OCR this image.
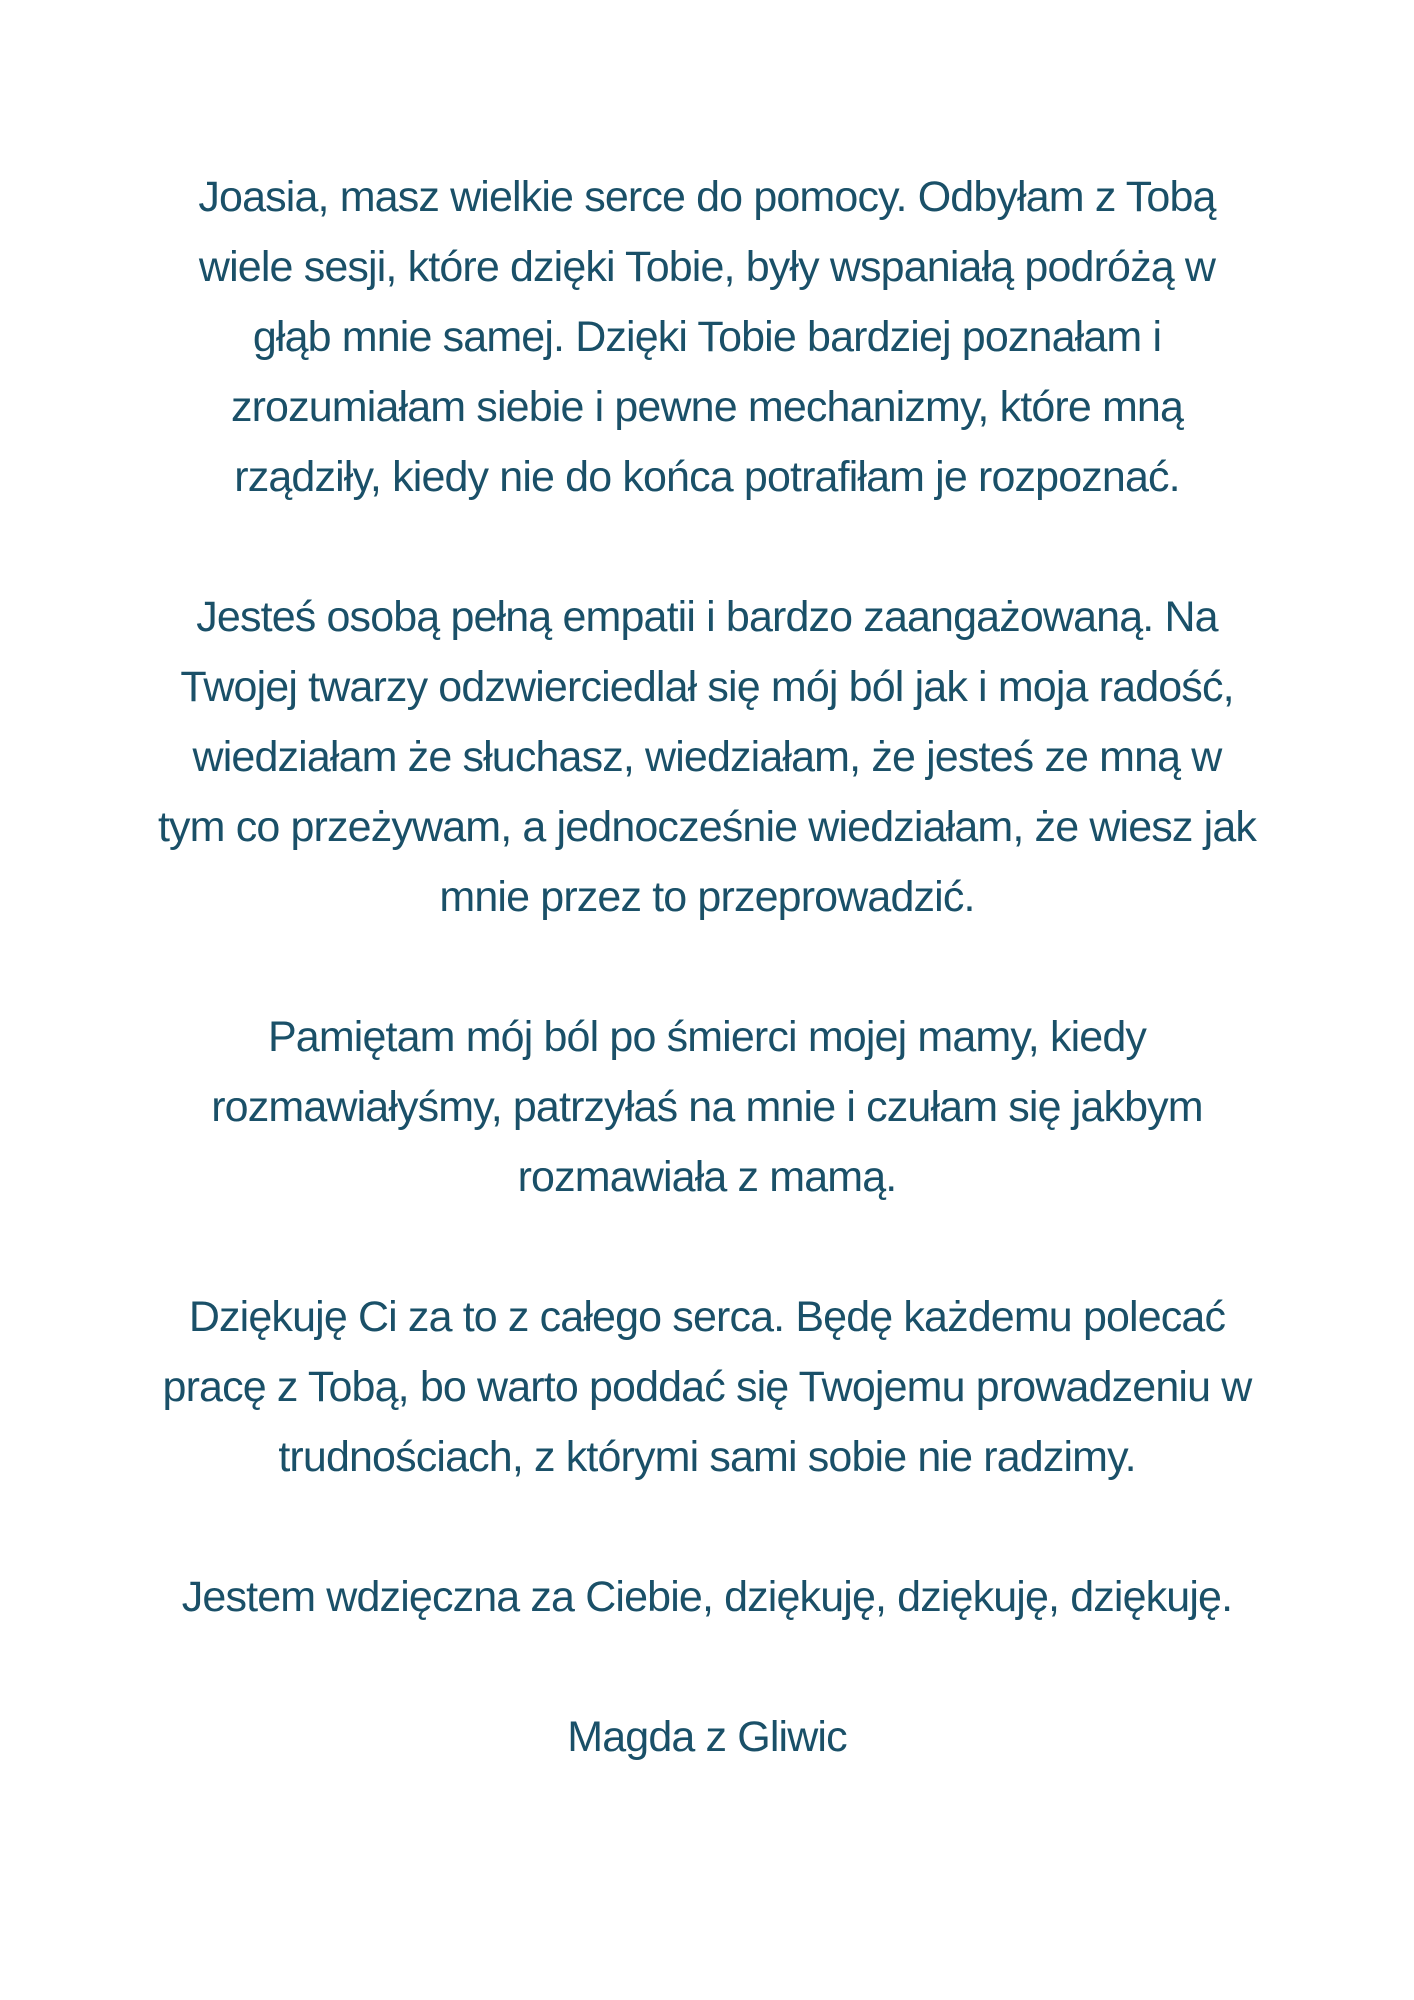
Joasia, masz wielkie serce do pomocy. Odbyłam z Tobą
wiele sesji, które dzięki Tobie, były wspaniałą podróżą w
głąb mnie samej. Dzięki Tobie bardziej poznałam i
zrozumiałam siebie i pewne mechanizmy, które mną
rządziły, kiedy nie do końca potrafiłam je rozpoznać.

Jesteś osobą pełną empatii i bardzo zaangażowaną. Na
Twojej twarzy odzwierciedlał się mój ból jak i moja radość,
wiedziałam że słuchasz, wiedziałam, że jesteś ze mną w
tym co przeżywam, a jednocześnie wiedziałam, że wiesz jak
mnie przez to przeprowadzić.

Pamiętam mój ból po śmierci mojej mamy, kiedy
rozmawiałyśmy, patrzyłaś na mnie i czułam się jakbym
rozmawiała z mamą.

Dziękuję Ci za to z całego serca. Będę każdemu polecać
pracę z Tobą, bo warto poddać się Twojemu prowadzeniu w
trudnościach, z którymi sami sobie nie radzimy.

Jestem wdzięczna za Ciebie, dziękuję, dziękuję, dziękuję.

Magda z Gliwic
